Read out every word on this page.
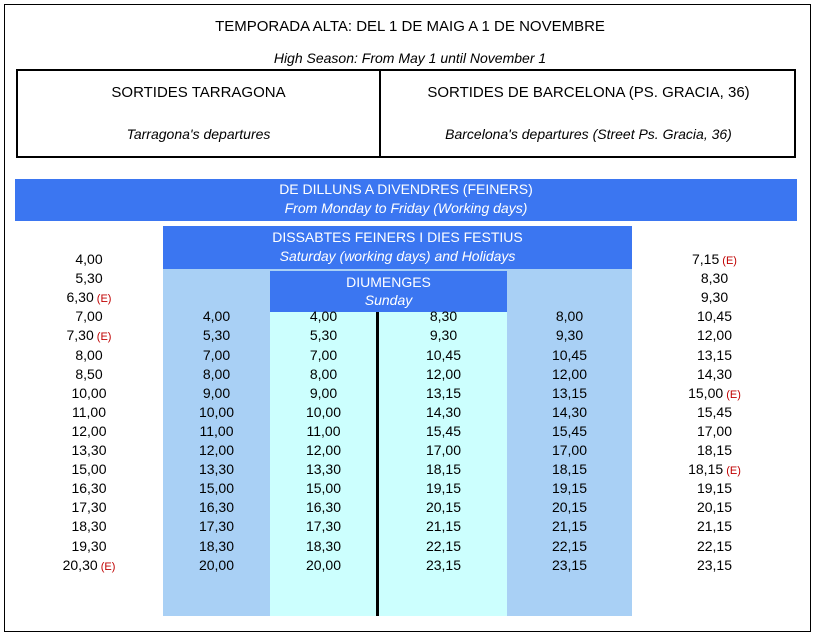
TEMPORADA ALTA: DEL 1 DE MAIG A 1 DE NOVEMBRE
High Season: From May 1 until November 1
SORTIDES TARRAGONA
Tarragona's departures
SORTIDES DE BARCELONA (PS. GRACIA, 36)
Barcelona's departures (Street Ps. Gracia, 36)
DE DILLUNS A DIVENDRES (FEINERS)
From Monday to Friday (Working days)
DISSABTES FEINERS I DIES FESTIUS
Saturday (working days) and Holidays
DIUMENGES
Sunday
4,00
5,30
6,30 (E)
7,00
7,30 (E)
8,00
8,50
10,00
11,00
12,00
13,30
15,00
16,30
17,30
18,30
19,30
20,30 (E)
4,00
5,30
7,00
8,00
9,00
10,00
11,00
12,00
13,30
15,00
16,30
17,30
18,30
20,00
4,00
5,30
7,00
8,00
9,00
10,00
11,00
12,00
13,30
15,00
16,30
17,30
18,30
20,00
8,30
9,30
10,45
12,00
13,15
14,30
15,45
17,00
18,15
19,15
20,15
21,15
22,15
23,15
8,00
9,30
10,45
12,00
13,15
14,30
15,45
17,00
18,15
19,15
20,15
21,15
22,15
23,15
7,15 (E)
8,30
9,30
10,45
12,00
13,15
14,30
15,00 (E)
15,45
17,00
18,15
18,15 (E)
19,15
20,15
21,15
22,15
23,15
